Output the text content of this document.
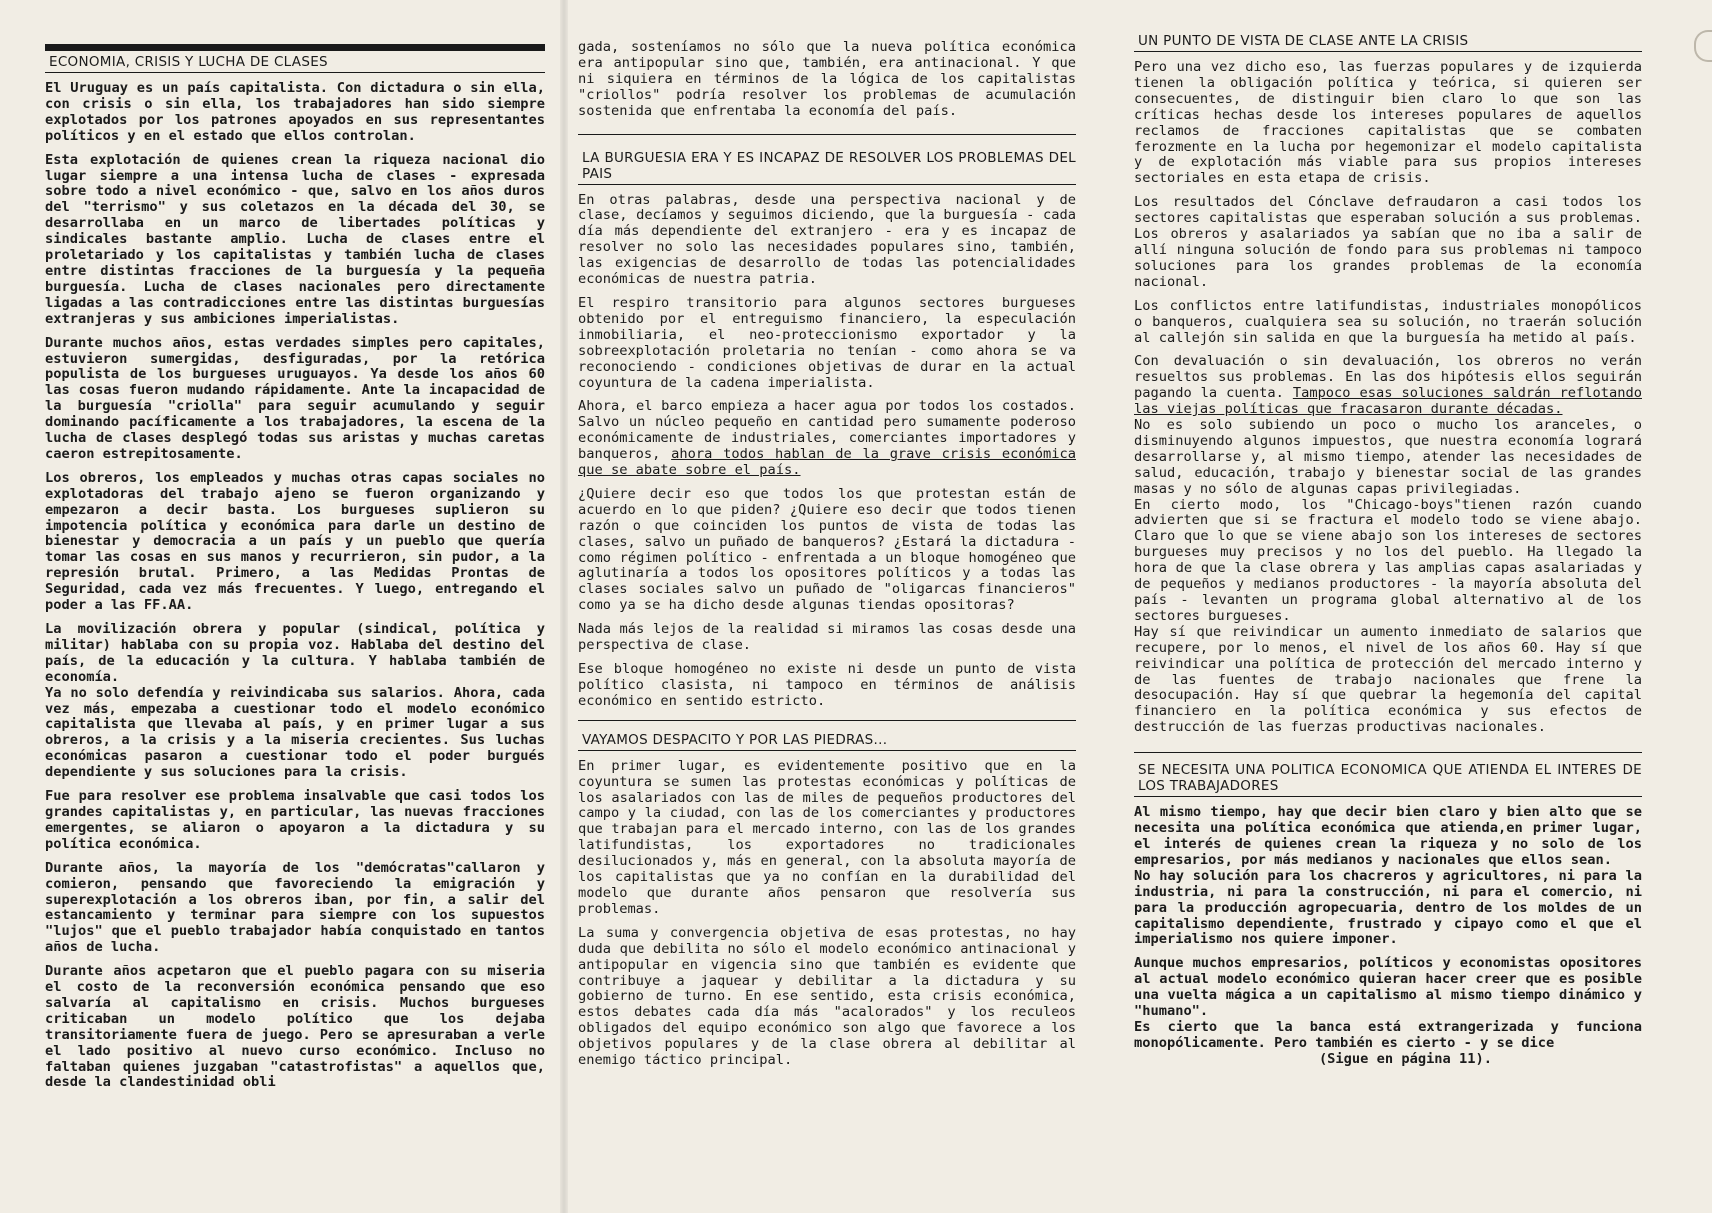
ECONOMIA, CRISIS Y LUCHA DE CLASES

El Uruguay es un país capitalista. Con dictadura o sin ella, con crisis o sin ella, los trabajadores han sido siempre explotados por los patrones apoyados en sus representantes políticos y en el estado que ellos controlan.

Esta explotación de quienes crean la riqueza nacional dio lugar siempre a una intensa lucha de clases - expresada sobre todo a nivel económico - que, salvo en los años duros del "terrismo" y sus coletazos en la década del 30, se desarrollaba en un marco de libertades políticas y sindicales bastante amplio. Lucha de clases entre el proletariado y los capitalistas y también lucha de clases entre distintas fracciones de la burguesía y la pequeña burguesía. Lucha de clases nacionales pero directamente ligadas a las contradicciones entre las distintas burguesías extranjeras y sus ambiciones imperialistas.

Durante muchos años, estas verdades simples pero capitales, estuvieron sumergidas, desfiguradas, por la retórica populista de los burgueses uruguayos. Ya desde los años 60 las cosas fueron mudando rápidamente. Ante la incapacidad de la burguesía "criolla" para seguir acumulando y seguir dominando pacíficamente a los trabajadores, la escena de la lucha de clases desplegó todas sus aristas y muchas caretas caeron estrepitosamente.

Los obreros, los empleados y muchas otras capas sociales no explotadoras del trabajo ajeno se fueron organizando y empezaron a decir basta. Los burgueses suplieron su impotencia política y económica para darle un destino de bienestar y democracia a un país y un pueblo que quería tomar las cosas en sus manos y recurrieron, sin pudor, a la represión brutal. Primero, a las Medidas Prontas de Seguridad, cada vez más frecuentes. Y luego, entregando el poder a las FF.AA.

La movilización obrera y popular (sindical, política y militar) hablaba con su propia voz. Hablaba del destino del país, de la educación y la cultura. Y hablaba también de economía.

Ya no solo defendía y reivindicaba sus salarios. Ahora, cada vez más, empezaba a cuestionar todo el modelo económico capitalista que llevaba al país, y en primer lugar a sus obreros, a la crisis y a la miseria crecientes. Sus luchas económicas pasaron a cuestionar todo el poder burgués dependiente y sus soluciones para la crisis.

Fue para resolver ese problema insalvable que casi todos los grandes capitalistas y, en particular, las nuevas fracciones emergentes, se aliaron o apoyaron a la dictadura y su política económica.

Durante años, la mayoría de los "demócratas"callaron y comieron, pensando que favoreciendo la emigración y superexplotación a los obreros iban, por fin, a salir del estancamiento y terminar para siempre con los supuestos "lujos" que el pueblo trabajador había conquistado en tantos años de lucha.

Durante años acpetaron que el pueblo pagara con su miseria el costo de la reconversión económica pensando que eso salvaría al capitalismo en crisis. Muchos burgueses criticaban un modelo político que los dejaba transitoriamente fuera de juego. Pero se apresuraban a verle el lado positivo al nuevo curso económico. Incluso no faltaban quienes juzgaban "catastrofistas" a aquellos que, desde la clandestinidad obli

gada, sosteníamos no sólo que la nueva política económica era antipopular sino que, también, era antinacional. Y que ni siquiera en términos de la lógica de los capitalistas "criollos" podría resolver los problemas de acumulación sostenida que enfrentaba la economía del país.

LA BURGUESIA ERA Y ES INCAPAZ DE RESOLVER LOS PROBLEMAS DEL PAIS

En otras palabras, desde una perspectiva nacional y de clase, decíamos y seguimos diciendo, que la burguesía - cada día más dependiente del extranjero - era y es incapaz de resolver no solo las necesidades populares sino, también, las exigencias de desarrollo de todas las potencialidades económicas de nuestra patria.

El respiro transitorio para algunos sectores burgueses obtenido por el entreguismo financiero, la especulación inmobiliaria, el neo-proteccionismo exportador y la sobreexplotación proletaria no tenían - como ahora se va reconociendo - condiciones objetivas de durar en la actual coyuntura de la cadena imperialista.

Ahora, el barco empieza a hacer agua por todos los costados. Salvo un núcleo pequeño en cantidad pero sumamente poderoso económicamente de industriales, comerciantes importadores y banqueros, ahora todos hablan de la grave crisis económica que se abate sobre el país.

¿Quiere decir eso que todos los que protestan están de acuerdo en lo que piden? ¿Quiere eso decir que todos tienen razón o que coinciden los puntos de vista de todas las clases, salvo un puñado de banqueros? ¿Estará la dictadura - como régimen político - enfrentada a un bloque homogéneo que aglutinaría a todos los opositores políticos y a todas las clases sociales salvo un puñado de "oligarcas financieros" como ya se ha dicho desde algunas tiendas opositoras?

Nada más lejos de la realidad si miramos las cosas desde una perspectiva de clase.

Ese bloque homogéneo no existe ni desde un punto de vista político clasista, ni tampoco en términos de análisis económico en sentido estricto.

VAYAMOS DESPACITO Y POR LAS PIEDRAS...

En primer lugar, es evidentemente positivo que en la coyuntura se sumen las protestas económicas y políticas de los asalariados con las de miles de pequeños productores del campo y la ciudad, con las de los comerciantes y productores que trabajan para el mercado interno, con las de los grandes latifundistas, los exportadores no tradicionales desilucionados y, más en general, con la absoluta mayoría de los capitalistas que ya no confían en la durabilidad del modelo que durante años pensaron que resolvería sus problemas.

La suma y convergencia objetiva de esas protestas, no hay duda que debilita no sólo el modelo económico antinacional y antipopular en vigencia sino que también es evidente que contribuye a jaquear y debilitar a la dictadura y su gobierno de turno. En ese sentido, esta crisis económica, estos debates cada día más "acalorados" y los reculeos obligados del equipo económico son algo que favorece a los objetivos populares y de la clase obrera al debilitar al enemigo táctico principal.

UN PUNTO DE VISTA DE CLASE ANTE LA CRISIS

Pero una vez dicho eso, las fuerzas populares y de izquierda tienen la obligación política y teórica, si quieren ser consecuentes, de distinguir bien claro lo que son las críticas hechas desde los intereses populares de aquellos reclamos de fracciones capitalistas que se combaten ferozmente en la lucha por hegemonizar el modelo capitalista y de explotación más viable para sus propios intereses sectoriales en esta etapa de crisis.

Los resultados del Cónclave defraudaron a casi todos los sectores capitalistas que esperaban solución a sus problemas. Los obreros y asalariados ya sabían que no iba a salir de allí ninguna solución de fondo para sus problemas ni tampoco soluciones para los grandes problemas de la economía nacional.

Los conflictos entre latifundistas, industriales monopólicos o banqueros, cualquiera sea su solución, no traerán solución al callejón sin salida en que la burguesía ha metido al país.

Con devaluación o sin devaluación, los obreros no verán resueltos sus problemas. En las dos hipótesis ellos seguirán pagando la cuenta. Tampoco esas soluciones saldrán reflotando las viejas políticas que fracasaron durante décadas.

No es solo subiendo un poco o mucho los aranceles, o disminuyendo algunos impuestos, que nuestra economía logrará desarrollarse y, al mismo tiempo, atender las necesidades de salud, educación, trabajo y bienestar social de las grandes masas y no sólo de algunas capas privilegiadas.

En cierto modo, los "Chicago-boys"tienen razón cuando advierten que si se fractura el modelo todo se viene abajo. Claro que lo que se viene abajo son los intereses de sectores burgueses muy precisos y no los del pueblo. Ha llegado la hora de que la clase obrera y las amplias capas asalariadas y de pequeños y medianos productores - la mayoría absoluta del país - levanten un programa global alternativo al de los sectores burgueses.

Hay sí que reivindicar un aumento inmediato de salarios que recupere, por lo menos, el nivel de los años 60. Hay sí que reivindicar una política de protección del mercado interno y de las fuentes de trabajo nacionales que frene la desocupación. Hay sí que quebrar la hegemonía del capital financiero en la política económica y sus efectos de destrucción de las fuerzas productivas nacionales.

SE NECESITA UNA POLITICA ECONOMICA QUE ATIENDA EL INTERES DE LOS TRABAJADORES

Al mismo tiempo, hay que decir bien claro y bien alto que se necesita una política económica que atienda,en primer lugar, el interés de quienes crean la riqueza y no solo de los empresarios, por más medianos y nacionales que ellos sean.

No hay solución para los chacreros y agricultores, ni para la industria, ni para la construcción, ni para el comercio, ni para la producción agropecuaria, dentro de los moldes de un capitalismo dependiente, frustrado y cipayo como el que el imperialismo nos quiere imponer.

Aunque muchos empresarios, políticos y economistas opositores al actual modelo económico quieran hacer creer que es posible una vuelta mágica a un capitalismo al mismo tiempo dinámico y "humano".

Es cierto que la banca está extrangerizada y funciona monopólicamente. Pero también es cierto - y se dice

(Sigue en página 11).
